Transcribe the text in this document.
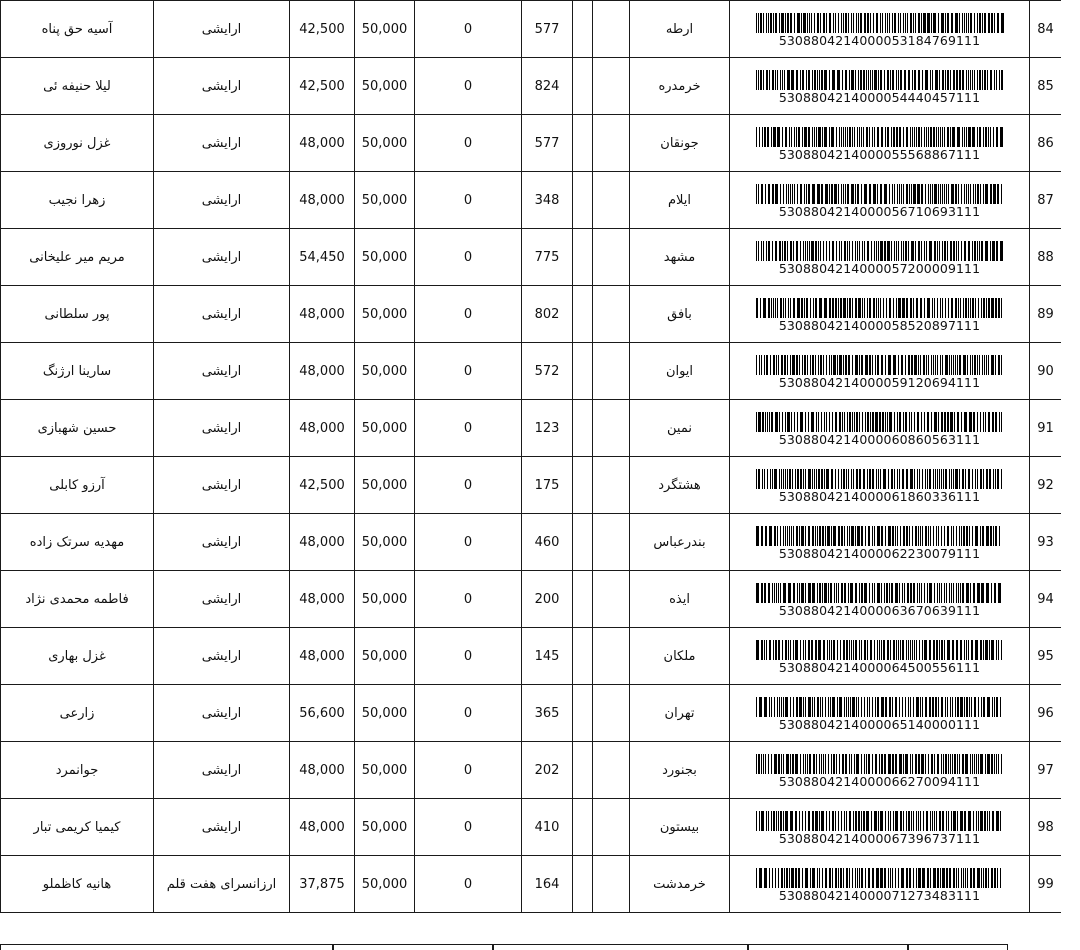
آسیه حق پناه	ارایشی	42,500	50,000	0	577			ارطه	5308804214000053184769111	84
لیلا حنیفه ئی	ارایشی	42,500	50,000	0	824			خرمدره	5308804214000054440457111	85
غزل نوروزی	ارایشی	48,000	50,000	0	577			جونقان	5308804214000055568867111	86
زهرا نجیب	ارایشی	48,000	50,000	0	348			ایلام	5308804214000056710693111	87
مریم میر علیخانی	ارایشی	54,450	50,000	0	775			مشهد	5308804214000057200009111	88
پور سلطانی	ارایشی	48,000	50,000	0	802			بافق	5308804214000058520897111	89
سارینا ارژنگ	ارایشی	48,000	50,000	0	572			ایوان	5308804214000059120694111	90
حسین شهبازی	ارایشی	48,000	50,000	0	123			نمین	5308804214000060860563111	91
آرزو کابلی	ارایشی	42,500	50,000	0	175			هشتگرد	5308804214000061860336111	92
مهدیه سرتک زاده	ارایشی	48,000	50,000	0	460			بندرعباس	5308804214000062230079111	93
فاطمه محمدی نژاد	ارایشی	48,000	50,000	0	200			ایذه	5308804214000063670639111	94
غزل بهاری	ارایشی	48,000	50,000	0	145			ملکان	5308804214000064500556111	95
زارعی	ارایشی	56,600	50,000	0	365			تهران	5308804214000065140000111	96
جوانمرد	ارایشی	48,000	50,000	0	202			بجنورد	5308804214000066270094111	97
کیمیا کریمی تبار	ارایشی	48,000	50,000	0	410			بیستون	5308804214000067396737111	98
هانیه کاظملو	ارزانسرای هفت قلم	37,875	50,000	0	164			خرمدشت	5308804214000071273483111	99
